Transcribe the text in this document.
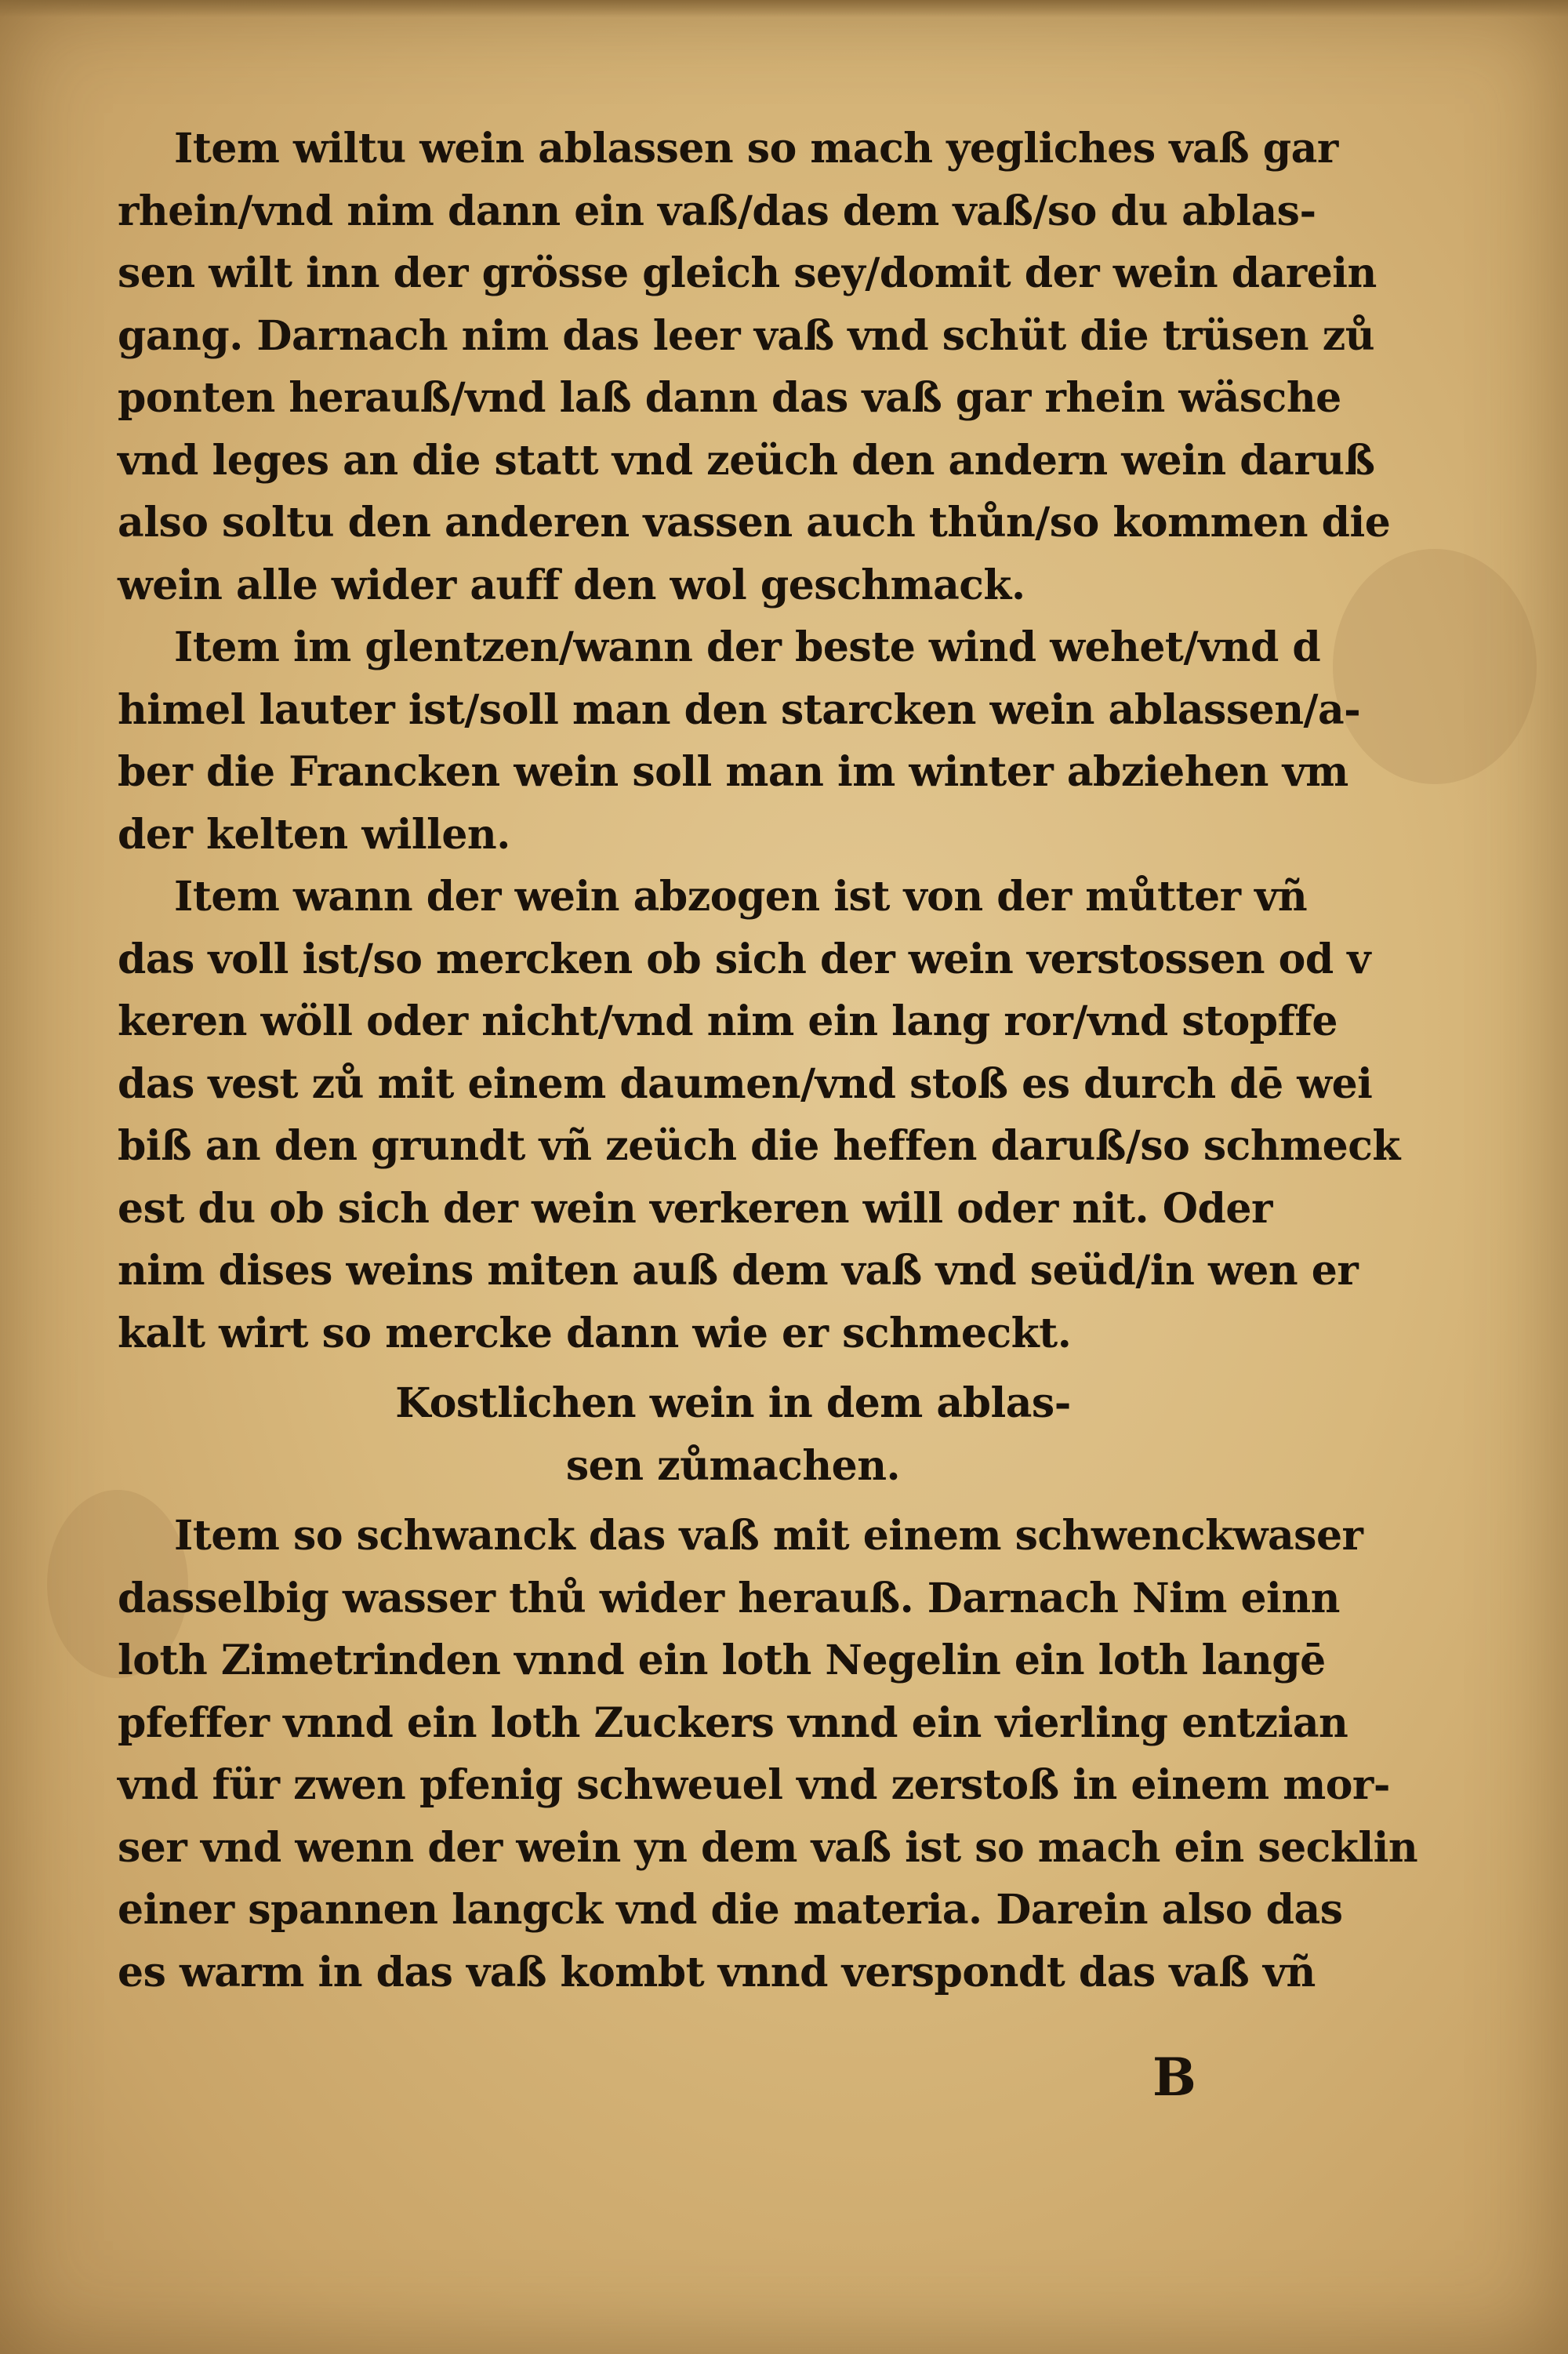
Item wiltu wein ablassen so mach yegliches vaß gar
rhein/vnd nim dann ein vaß/das dem vaß/so du ablas-
sen wilt inn der grösse gleich sey/domit der wein darein
gang. Darnach nim das leer vaß vnd schüt die trüsen zů
ponten herauß/vnd laß dann das vaß gar rhein wäsche
vnd leges an die statt vnd zeüch den andern wein daruß
also soltu den anderen vassen auch thůn/so kommen die
wein alle wider auff den wol geschmack.
Item im glentzen/wann der beste wind wehet/vnd d
himel lauter ist/soll man den starcken wein ablassen/a-
ber die Francken wein soll man im winter abziehen vm
der kelten willen.
Item wann der wein abzogen ist von der můtter vñ
das voll ist/so mercken ob sich der wein verstossen od v
keren wöll oder nicht/vnd nim ein lang ror/vnd stopffe
das vest zů mit einem daumen/vnd stoß es durch dē wei
biß an den grundt vñ zeüch die heffen daruß/so schmeck
est du ob sich der wein verkeren will oder nit. Oder
nim dises weins miten auß dem vaß vnd seüd/in wen er
kalt wirt so mercke dann wie er schmeckt.
Kostlichen wein in dem ablas-
sen zůmachen.
Item so schwanck das vaß mit einem schwenckwaser
dasselbig wasser thů wider herauß. Darnach Nim einn
loth Zimetrinden vnnd ein loth Negelin ein loth langē
pfeffer vnnd ein loth Zuckers vnnd ein vierling entzian
vnd für zwen pfenig schweuel vnd zerstoß in einem mor-
ser vnd wenn der wein yn dem vaß ist so mach ein secklin
einer spannen langck vnd die materia. Darein also das
es warm in das vaß kombt vnnd verspondt das vaß vñ
B
